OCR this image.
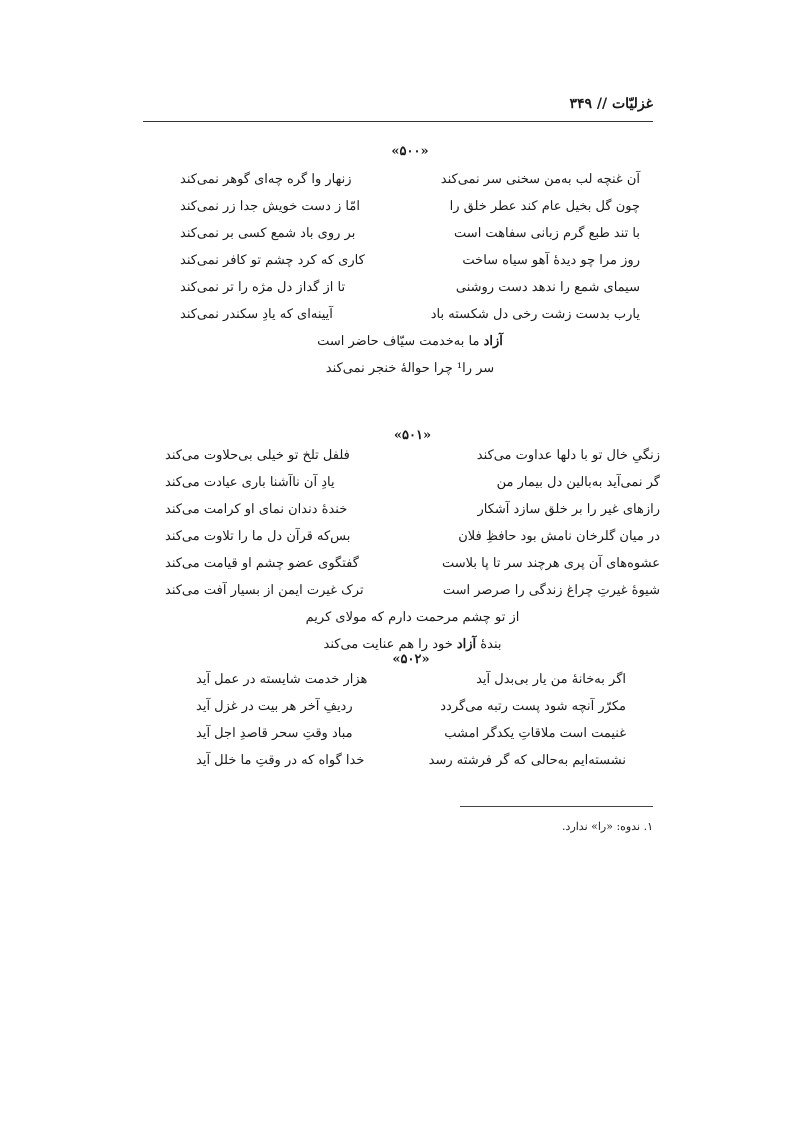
غزلیّات // ۳۴۹
«۵۰۰»
آن غنچه لب به‌من سخنی سر نمی‌کند
زنهار وا گره چه‌ای گوهر نمی‌کند
چون گل بخیل عام کند عطر خلق را
امّا ز دست خویش جدا زر نمی‌کند
با تند طبع گرم زبانی سفاهت است
بر روی باد شمع کسی بر نمی‌کند
روز مرا چو دیدهٔ آهو سیاه ساخت
کاری که کرد چشم تو کافر نمی‌کند
سیمای شمع را ندهد دست روشنی
تا از گداز دل مژه را تر نمی‌کند
یارب بدست زشت رخی دل شکسته باد
آیینه‌ای که یادِ سکندر نمی‌کند
آزاد ما به‌خدمت سیّاف حاضر است
سر را¹ چرا حوالهٔ خنجر نمی‌کند
«۵۰۱»
زنگیِ خال تو با دلها عداوت می‌کند
فلفل تلخ تو خیلی بی‌حلاوت می‌کند
گر نمی‌آید به‌بالین دل بیمار من
یادِ آن ناآشنا باری عیادت می‌کند
رازهای غیر را بر خلق سازد آشکار
خندهٔ دندان نمای او کرامت می‌کند
در میان گلرخان نامش بود حافظِ فلان
بس‌که قرآن دل ما را تلاوت می‌کند
عشوه‌های آن پری هرچند سر تا پا بلاست
گفتگوی عضو چشم او قیامت می‌کند
شیوهٔ غیرتِ چراغ زندگی را صرصر است
ترک غیرت ایمن از بسیار آفت می‌کند
از تو چشم مرحمت دارم که مولای کریم
بندهٔ آزاد خود را هم عنایت می‌کند
«۵۰۲»
اگر به‌خانهٔ من یار بی‌بدل آید
هزار خدمت شایسته در عمل آید
مکرّر آنچه شود پست رتبه می‌گردد
ردیفِ آخر هر بیت در غزل آید
غنیمت است ملاقاتِ یکدگر امشب
مباد وقتِ سحر قاصدِ اجل آید
نشسته‌ایم به‌حالی که گر فرشته رسد
خدا گواه که در وقتِ ما خلل آید
۱. ندوه: «را» ندارد.
